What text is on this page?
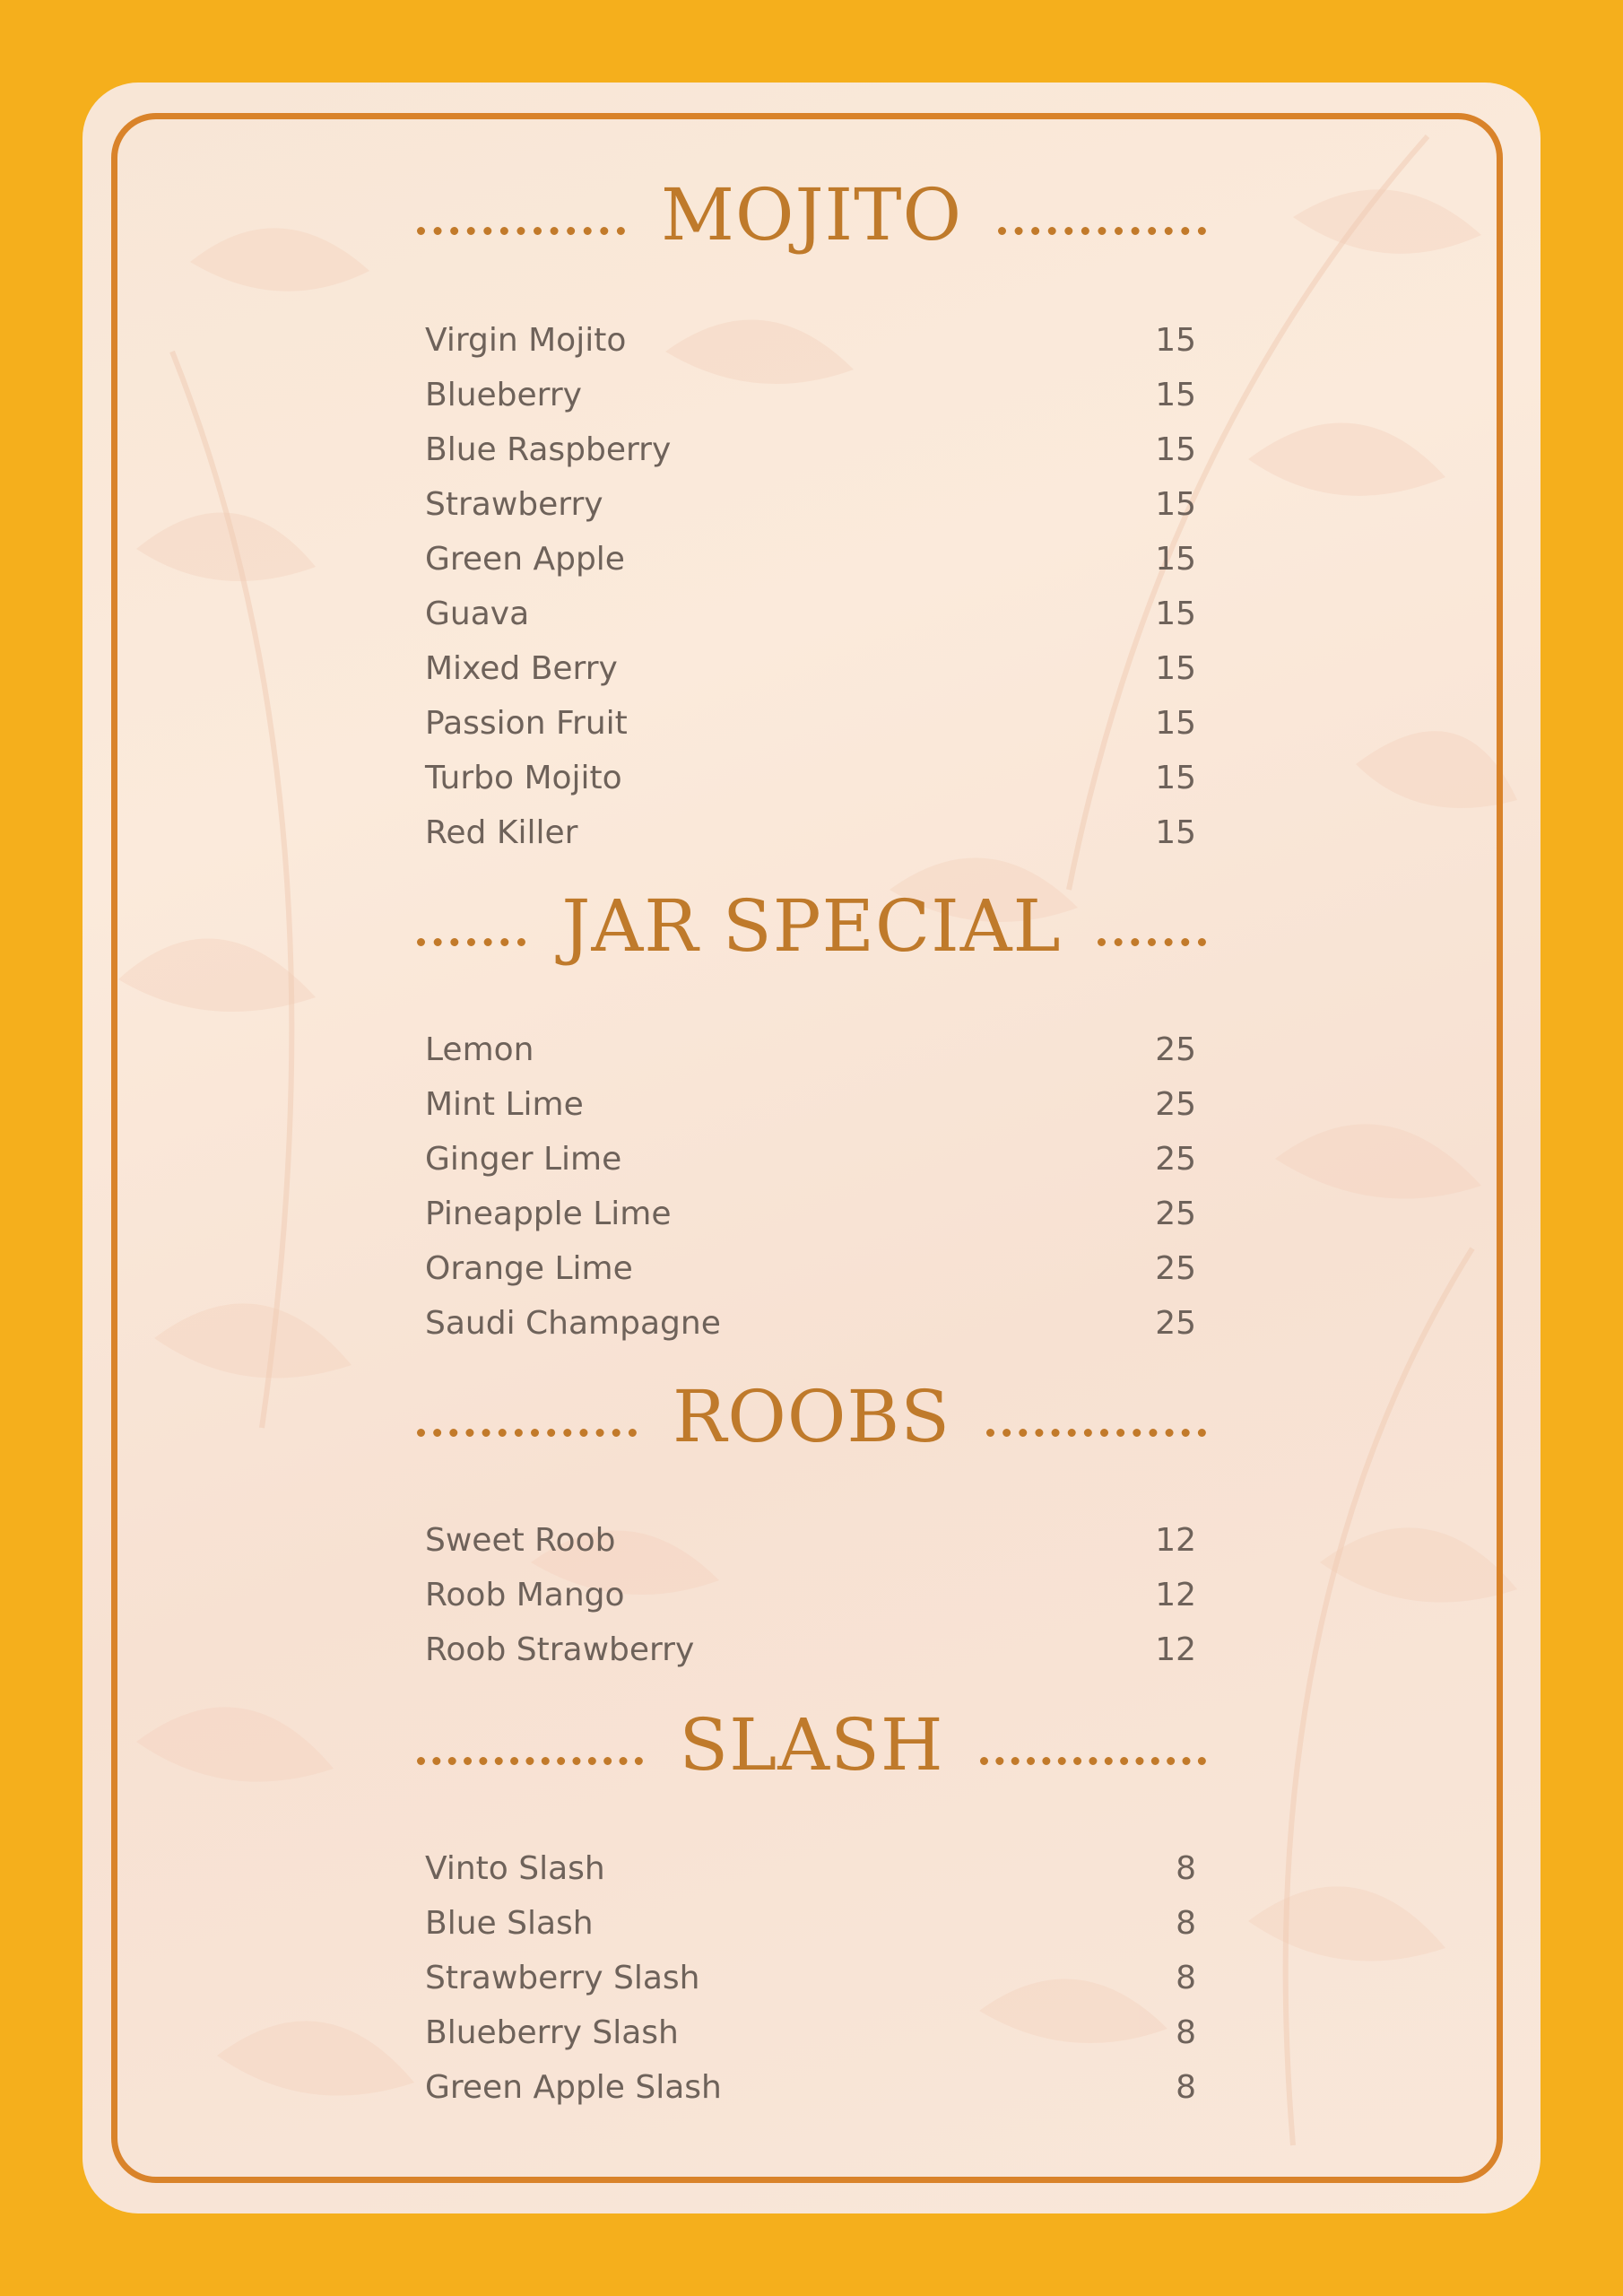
MOJITO
Virgin Mojito	15
Blueberry	15
Blue Raspberry	15
Strawberry	15
Green Apple	15
Guava	15
Mixed Berry	15
Passion Fruit	15
Turbo Mojito	15
Red Killer	15
JAR SPECIAL
Lemon	25
Mint Lime	25
Ginger Lime	25
Pineapple Lime	25
Orange Lime	25
Saudi Champagne	25
ROOBS
Sweet Roob	12
Roob Mango	12
Roob Strawberry	12
SLASH
Vinto Slash	8
Blue Slash	8
Strawberry Slash	8
Blueberry Slash	8
Green Apple Slash	8
